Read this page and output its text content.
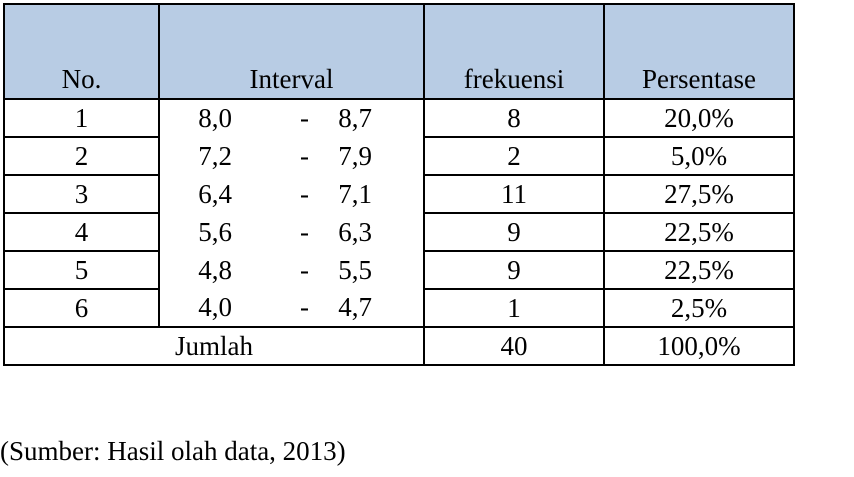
No.	Interval	frekuensi	Persentase
1	8,0 - 8,7	8	20,0%
2	7,2 - 7,9	2	5,0%
3	6,4 - 7,1	11	27,5%
4	5,6 - 6,3	9	22,5%
5	4,8 - 5,5	9	22,5%
6	4,0 - 4,7	1	2,5%
Jumlah		40	100,0%
(Sumber: Hasil olah data, 2013)
